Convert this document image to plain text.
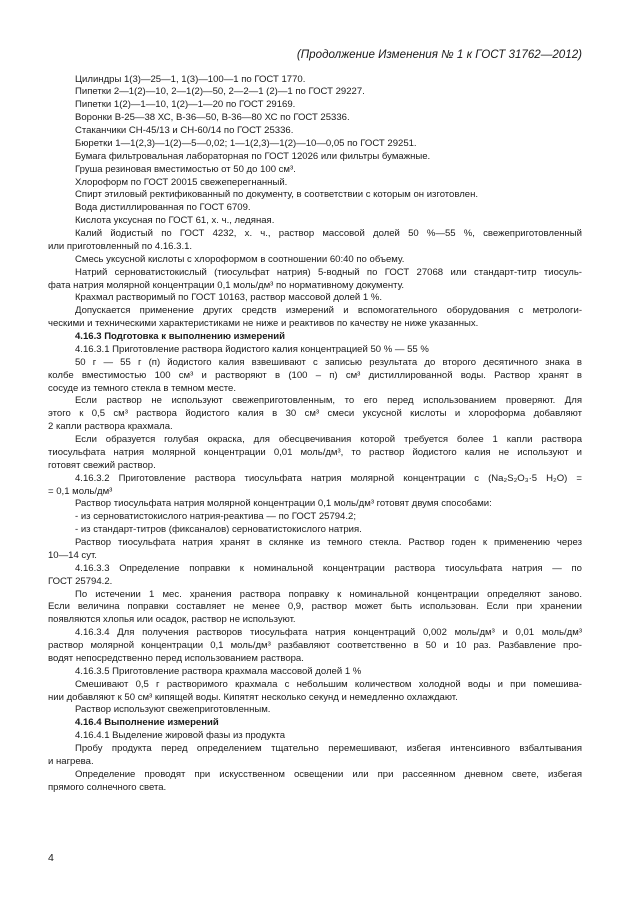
(Продолжение Изменения № 1 к ГОСТ 31762—2012)
Цилиндры 1(3)—25—1, 1(3)—100—1 по ГОСТ 1770.
Пипетки 2—1(2)—10, 2—1(2)—50, 2—2—1 (2)—1 по ГОСТ 29227.
Пипетки 1(2)—1—10, 1(2)—1—20 по ГОСТ 29169.
Воронки В-25—38 ХС, В-36—50, В-36—80 ХС по ГОСТ 25336.
Стаканчики СН-45/13 и СН-60/14 по ГОСТ 25336.
Бюретки 1—1(2,3)—1(2)—5—0,02; 1—1(2,3)—1(2)—10—0,05 по ГОСТ 29251.
Бумага фильтровальная лабораторная по ГОСТ 12026 или фильтры бумажные.
Груша резиновая вместимостью от 50 до 100 см³.
Хлороформ по ГОСТ 20015 свежеперегнанный.
Спирт этиловый ректификованный по документу, в соответствии с которым он изготовлен.
Вода дистиллированная по ГОСТ 6709.
Кислота уксусная по ГОСТ 61, х. ч., ледяная.
Калий йодистый по ГОСТ 4232, х. ч., раствор массовой долей 50 %—55 %, свежеприготовленный
или приготовленный по 4.16.3.1.
Смесь уксусной кислоты с хлороформом в соотношении 60:40 по объему.
Натрий серноватистокислый (тиосульфат натрия) 5-водный по ГОСТ 27068 или стандарт-титр тиосуль-
фата натрия молярной концентрации 0,1 моль/дм³ по нормативному документу.
Крахмал растворимый по ГОСТ 10163, раствор массовой долей 1 %.
Допускается применение других средств измерений и вспомогательного оборудования с метрологи-
ческими и техническими характеристиками не ниже и реактивов по качеству не ниже указанных.
4.16.3 Подготовка к выполнению измерений
4.16.3.1 Приготовление раствора йодистого калия концентрацией 50 % — 55 %
50 г — 55 г (п) йодистого калия взвешивают с записью результата до второго десятичного знака в
колбе вместимостью 100 см³ и растворяют в (100 – п) см³ дистиллированной воды. Раствор хранят в
сосуде из темного стекла в темном месте.
Если раствор не используют свежеприготовленным, то его перед использованием проверяют. Для
этого к 0,5 см³ раствора йодистого калия в 30 см³ смеси уксусной кислоты и хлороформа добавляют
2 капли раствора крахмала.
Если образуется голубая окраска, для обесцвечивания которой требуется более 1 капли раствора
тиосульфата натрия молярной концентрации 0,01 моль/дм³, то раствор йодистого калия не используют и
готовят свежий раствор.
4.16.3.2 Приготовление раствора тиосульфата натрия молярной концентрации с (Na₂S₂O₃·5 H₂O) =
= 0,1 моль/дм³
Раствор тиосульфата натрия молярной концентрации 0,1 моль/дм³ готовят двумя способами:
- из серноватистокислого натрия-реактива — по ГОСТ 25794.2;
- из стандарт-титров (фиксаналов) серноватистокислого натрия.
Раствор тиосульфата натрия хранят в склянке из темного стекла. Раствор годен к применению через
10—14 сут.
4.16.3.3 Определение поправки к номинальной концентрации раствора тиосульфата натрия — по
ГОСТ 25794.2.
По истечении 1 мес. хранения раствора поправку к номинальной концентрации определяют заново.
Если величина поправки составляет не менее 0,9, раствор может быть использован. Если при хранении
появляются хлопья или осадок, раствор не используют.
4.16.3.4 Для получения растворов тиосульфата натрия концентраций 0,002 моль/дм³ и 0,01 моль/дм³
раствор молярной концентрации 0,1 моль/дм³ разбавляют соответственно в 50 и 10 раз. Разбавление про-
водят непосредственно перед использованием раствора.
4.16.3.5 Приготовление раствора крахмала массовой долей 1 %
Смешивают 0,5 г растворимого крахмала с небольшим количеством холодной воды и при помешива-
нии добавляют к 50 см³ кипящей воды. Кипятят несколько секунд и немедленно охлаждают.
Раствор используют свежеприготовленным.
4.16.4 Выполнение измерений
4.16.4.1 Выделение жировой фазы из продукта
Пробу продукта перед определением тщательно перемешивают, избегая интенсивного взбалтывания
и нагрева.
Определение проводят при искусственном освещении или при рассеянном дневном свете, избегая
прямого солнечного света.
4
